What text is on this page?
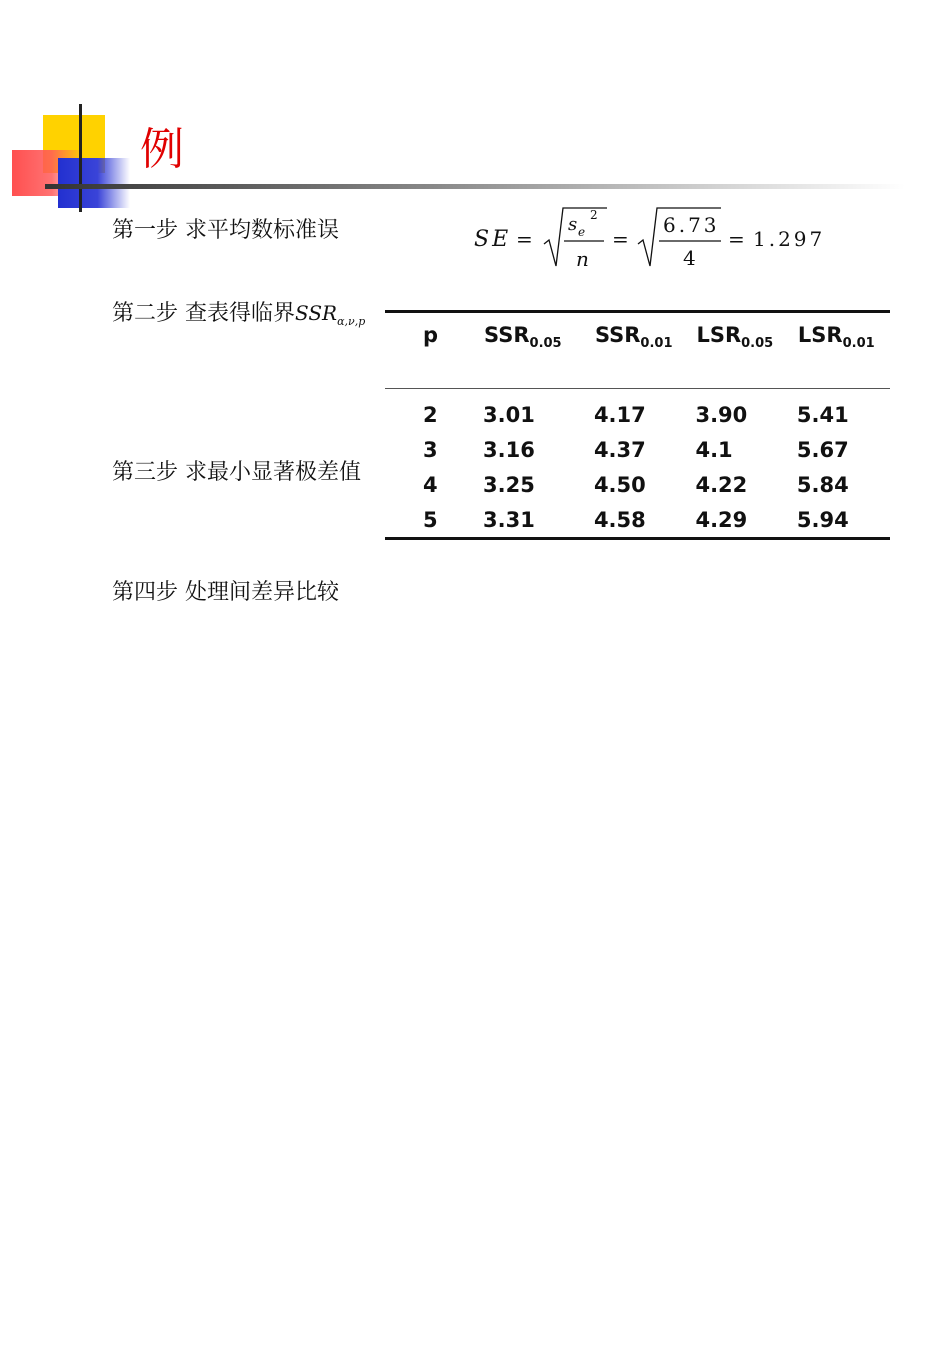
例
第一步 求平均数标准误	SE =
s e
2
n
=
6.73
4
= 1.297
第二步 查表得临界$SSR_{\alpha,\nu,p}$
p	$SSR_{0.05}$	$SSR_{0.01}$	$LSR_{0.05}$	$LSR_{0.01}$
2	3.01	4.17	3.90	5.41
3	3.16	4.37	4.1	5.67
4	3.25	4.50	4.22	5.84
5	3.31	4.58	4.29	5.94
第三步 求最小显著极差值
第四步 处理间差异比较
